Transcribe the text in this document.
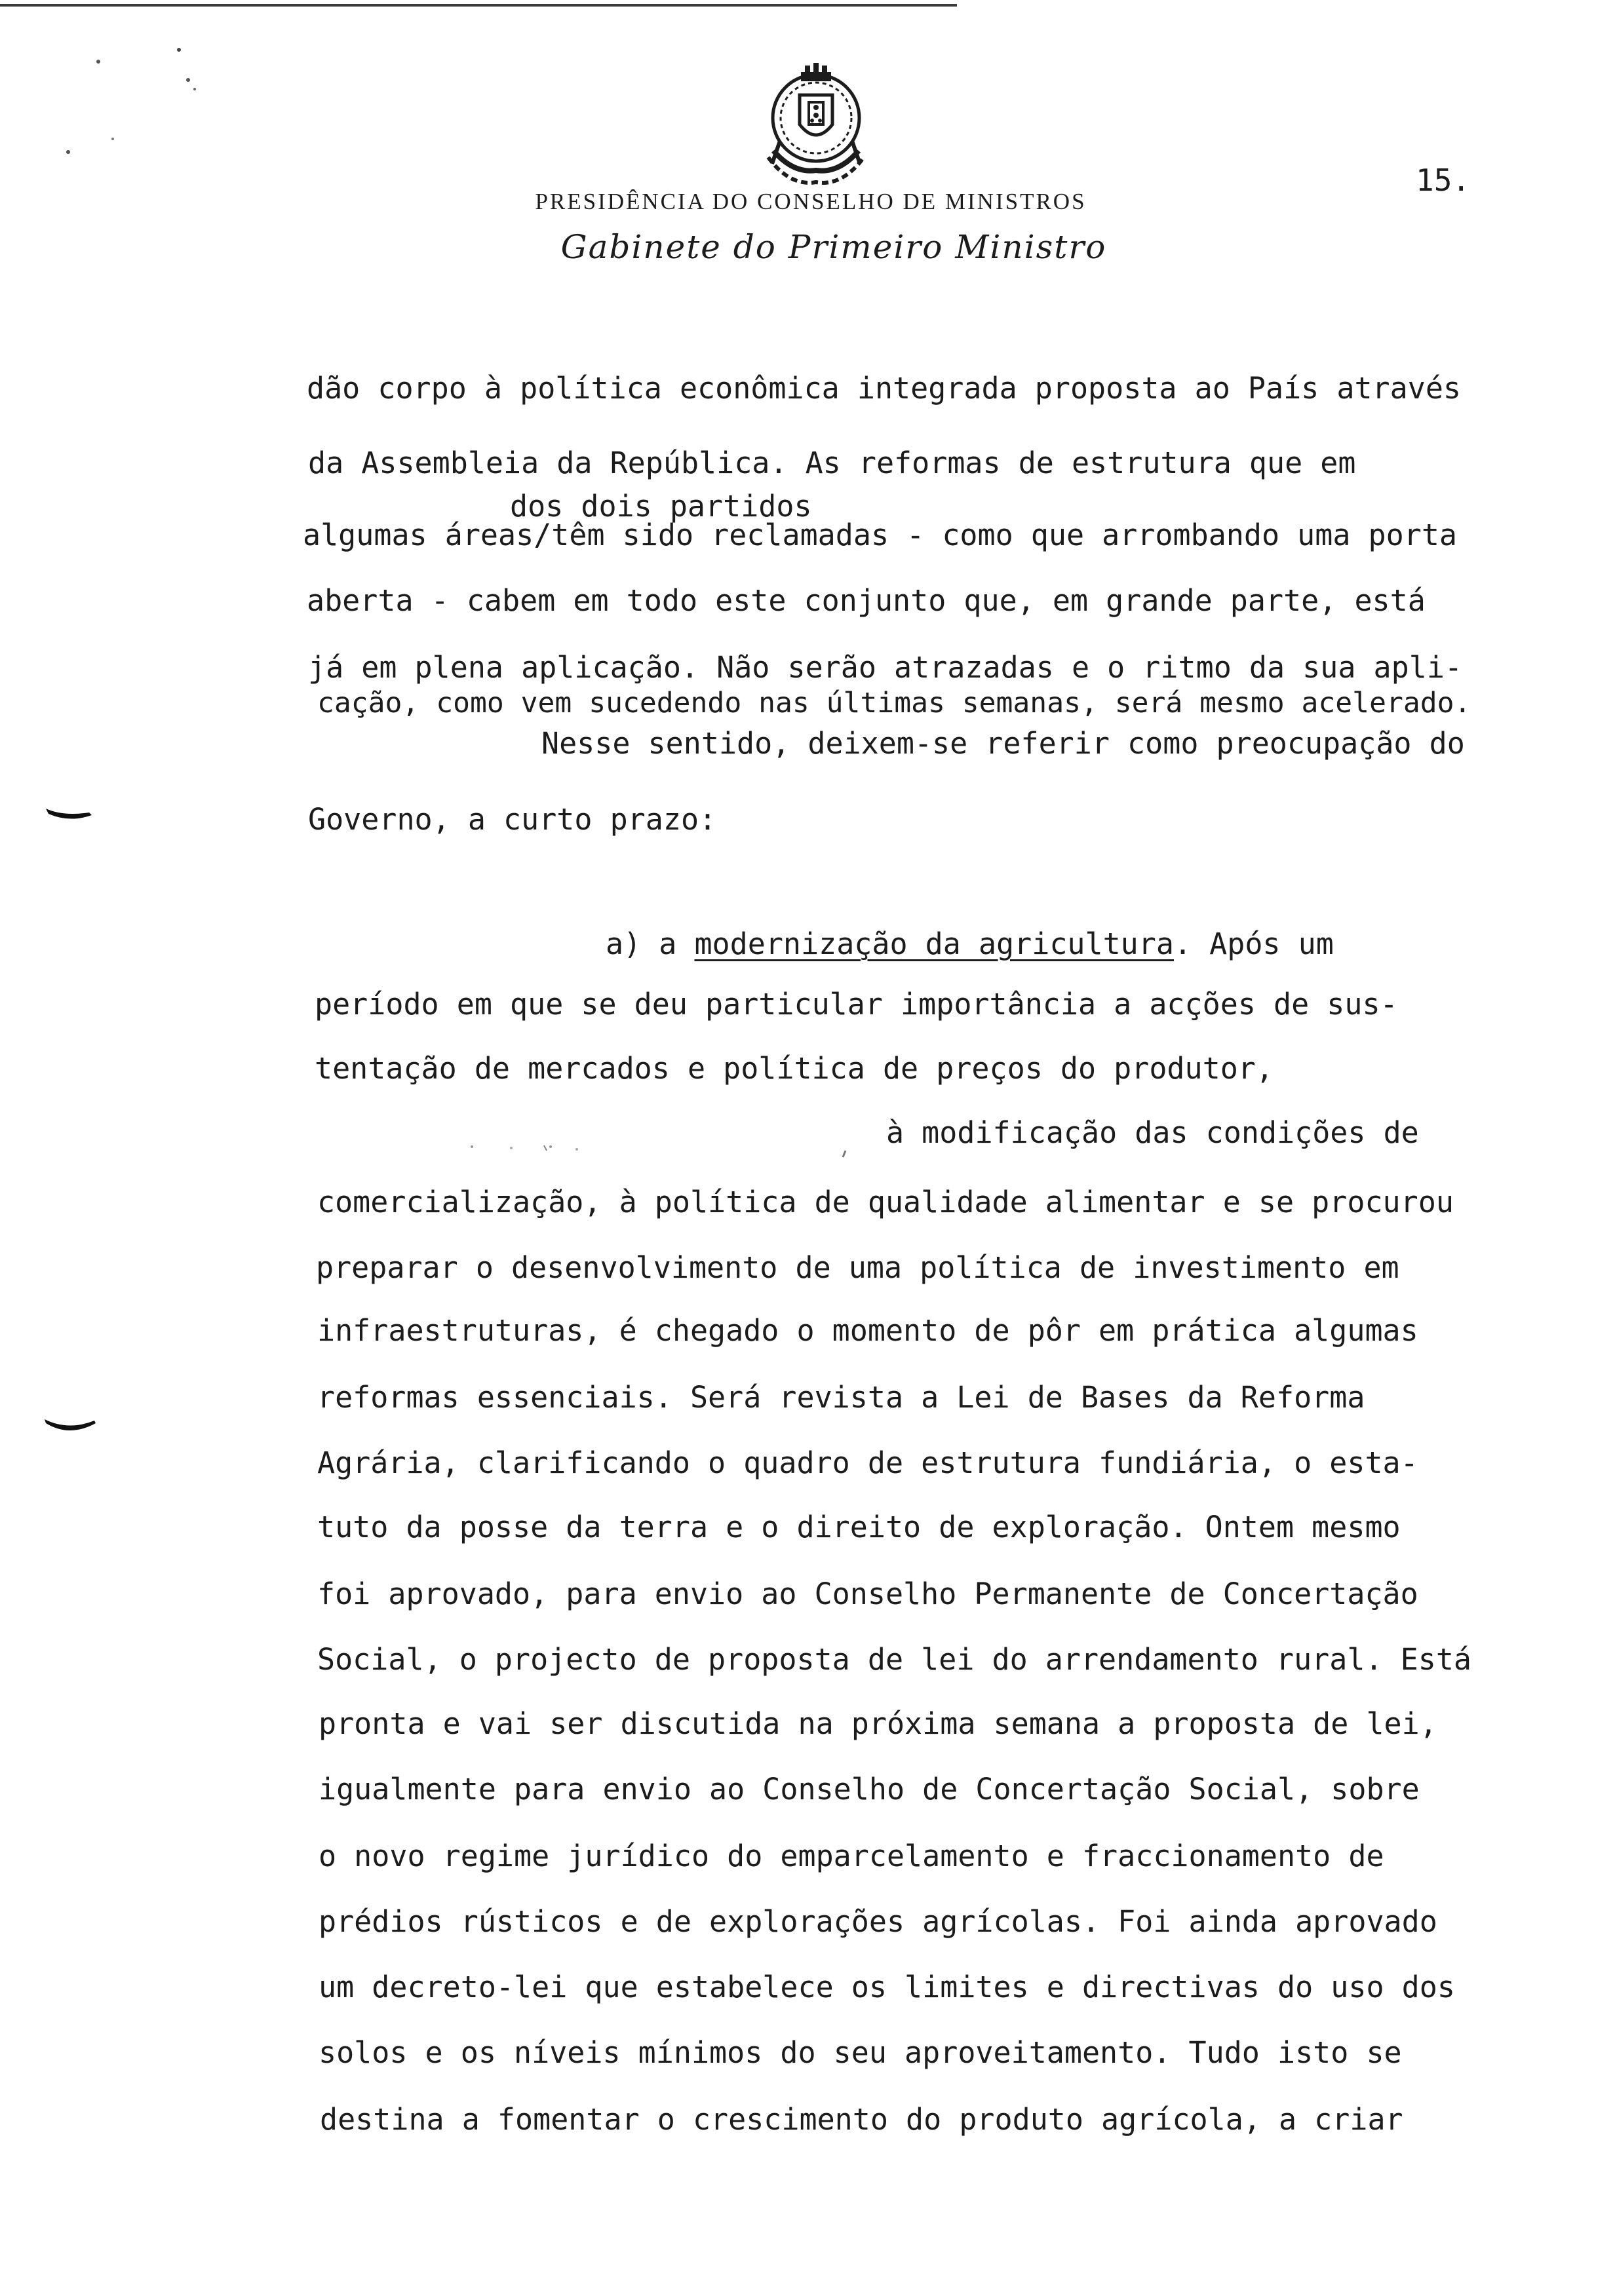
15.
PRESIDÊNCIA DO CONSELHO DE MINISTROS
Gabinete do Primeiro Ministro
dão corpo à política econômica integrada proposta ao País através
da Assembleia da República. As reformas de estrutura que em
dos dois partidos
algumas áreas/têm sido reclamadas - como que arrombando uma porta
aberta - cabem em todo este conjunto que, em grande parte, está
já em plena aplicação. Não serão atrazadas e o ritmo da sua apli-
cação, como vem sucedendo nas últimas semanas, será mesmo acelerado.
Nesse sentido, deixem-se referir como preocupação do
Governo, a curto prazo:
a) a modernização da agricultura. Após um
período em que se deu particular importância a acções de sus-
tentação de mercados e política de preços do produtor,
à modificação das condições de
comercialização, à política de qualidade alimentar e se procurou
preparar o desenvolvimento de uma política de investimento em
infraestruturas, é chegado o momento de pôr em prática algumas
reformas essenciais. Será revista a Lei de Bases da Reforma
Agrária, clarificando o quadro de estrutura fundiária, o esta-
tuto da posse da terra e o direito de exploração. Ontem mesmo
foi aprovado, para envio ao Conselho Permanente de Concertação
Social, o projecto de proposta de lei do arrendamento rural. Está
pronta e vai ser discutida na próxima semana a proposta de lei,
igualmente para envio ao Conselho de Concertação Social, sobre
o novo regime jurídico do emparcelamento e fraccionamento de
prédios rústicos e de explorações agrícolas. Foi ainda aprovado
um decreto-lei que estabelece os limites e directivas do uso dos
solos e os níveis mínimos do seu aproveitamento. Tudo isto se
destina a fomentar o crescimento do produto agrícola, a criar
